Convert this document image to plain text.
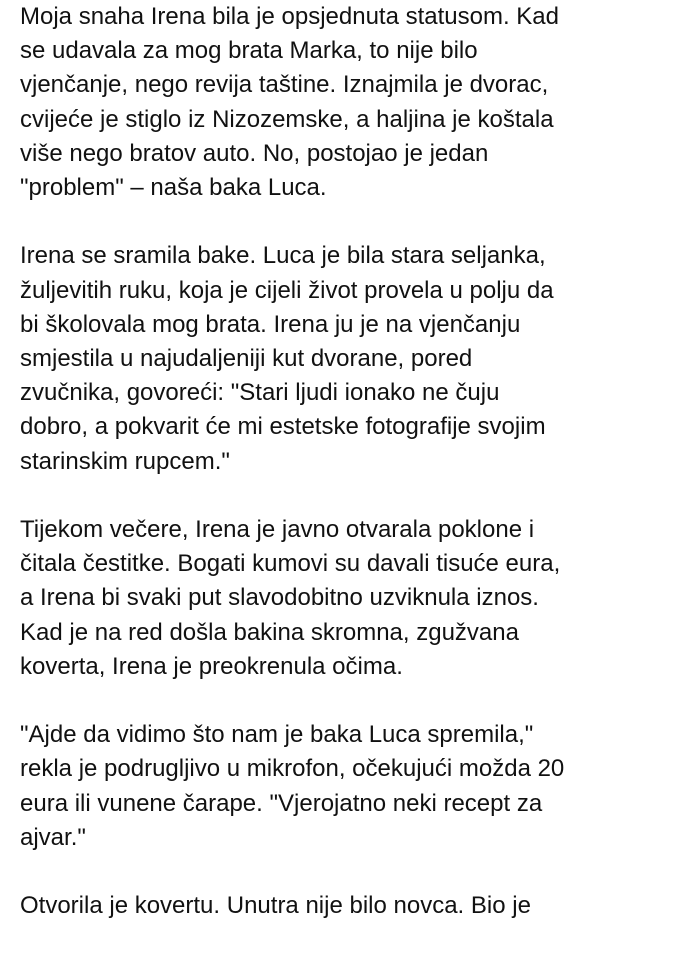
Moja snaha Irena bila je opsjednuta statusom. Kad
se udavala za mog brata Marka, to nije bilo
vjenčanje, nego revija taštine. Iznajmila je dvorac,
cvijeće je stiglo iz Nizozemske, a haljina je koštala
više nego bratov auto. No, postojao je jedan
"problem" – naša baka Luca.
Irena se sramila bake. Luca je bila stara seljanka,
žuljevitih ruku, koja je cijeli život provela u polju da
bi školovala mog brata. Irena ju je na vjenčanju
smjestila u najudaljeniji kut dvorane, pored
zvučnika, govoreći: "Stari ljudi ionako ne čuju
dobro, a pokvarit će mi estetske fotografije svojim
starinskim rupcem."
Tijekom večere, Irena je javno otvarala poklone i
čitala čestitke. Bogati kumovi su davali tisuće eura,
a Irena bi svaki put slavodobitno uzviknula iznos.
Kad je na red došla bakina skromna, zgužvana
koverta, Irena je preokrenula očima.
"Ajde da vidimo što nam je baka Luca spremila,"
rekla je podrugljivo u mikrofon, očekujući možda 20
eura ili vunene čarape. "Vjerojatno neki recept za
ajvar."
Otvorila je kovertu. Unutra nije bilo novca. Bio je
